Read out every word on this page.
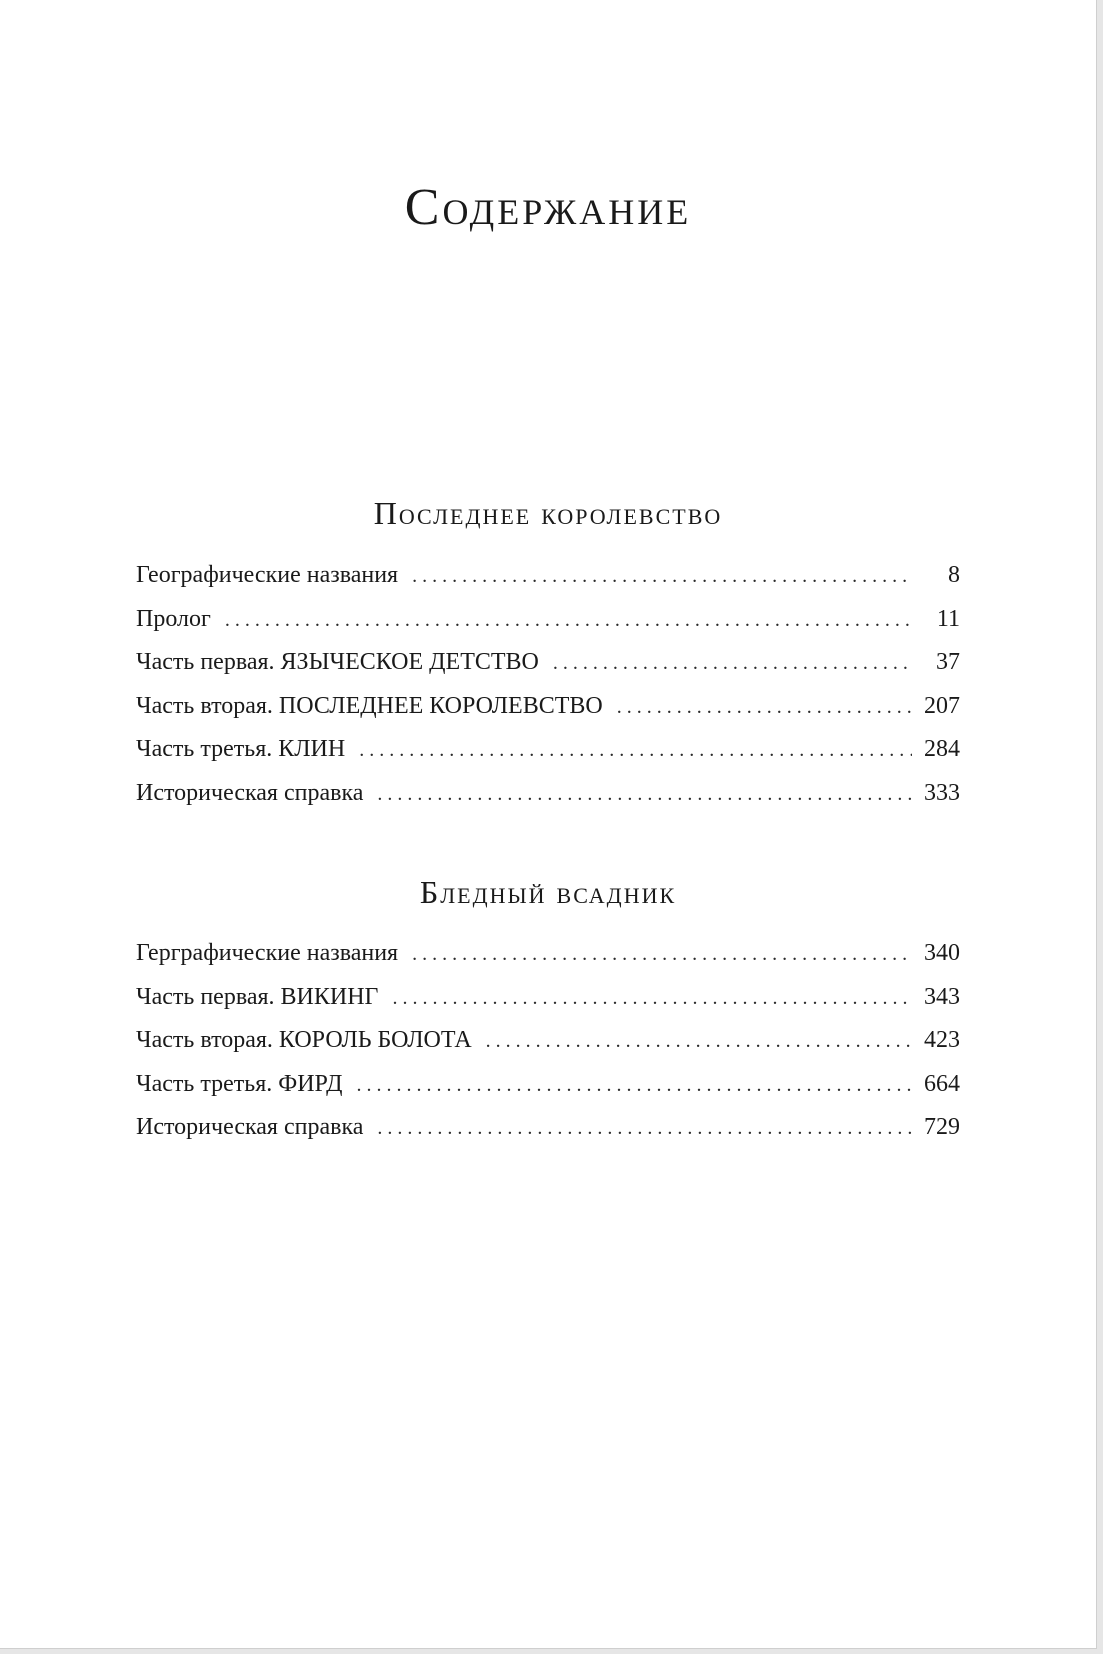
Содержание
Последнее королевство
Географические названия . . .	8
Пролог . . .	11
Часть первая. ЯЗЫЧЕСКОЕ ДЕТСТВО . . .	37
Часть вторая. ПОСЛЕДНЕЕ КОРОЛЕВСТВО . . .	207
Часть третья. КЛИН . . .	284
Историческая справка . . .	333
Бледный всадник
Герграфические названия . . .	340
Часть первая. ВИКИНГ . . .	343
Часть вторая. КОРОЛЬ БОЛОТА . . .	423
Часть третья. ФИРД . . .	664
Историческая справка . . .	729
